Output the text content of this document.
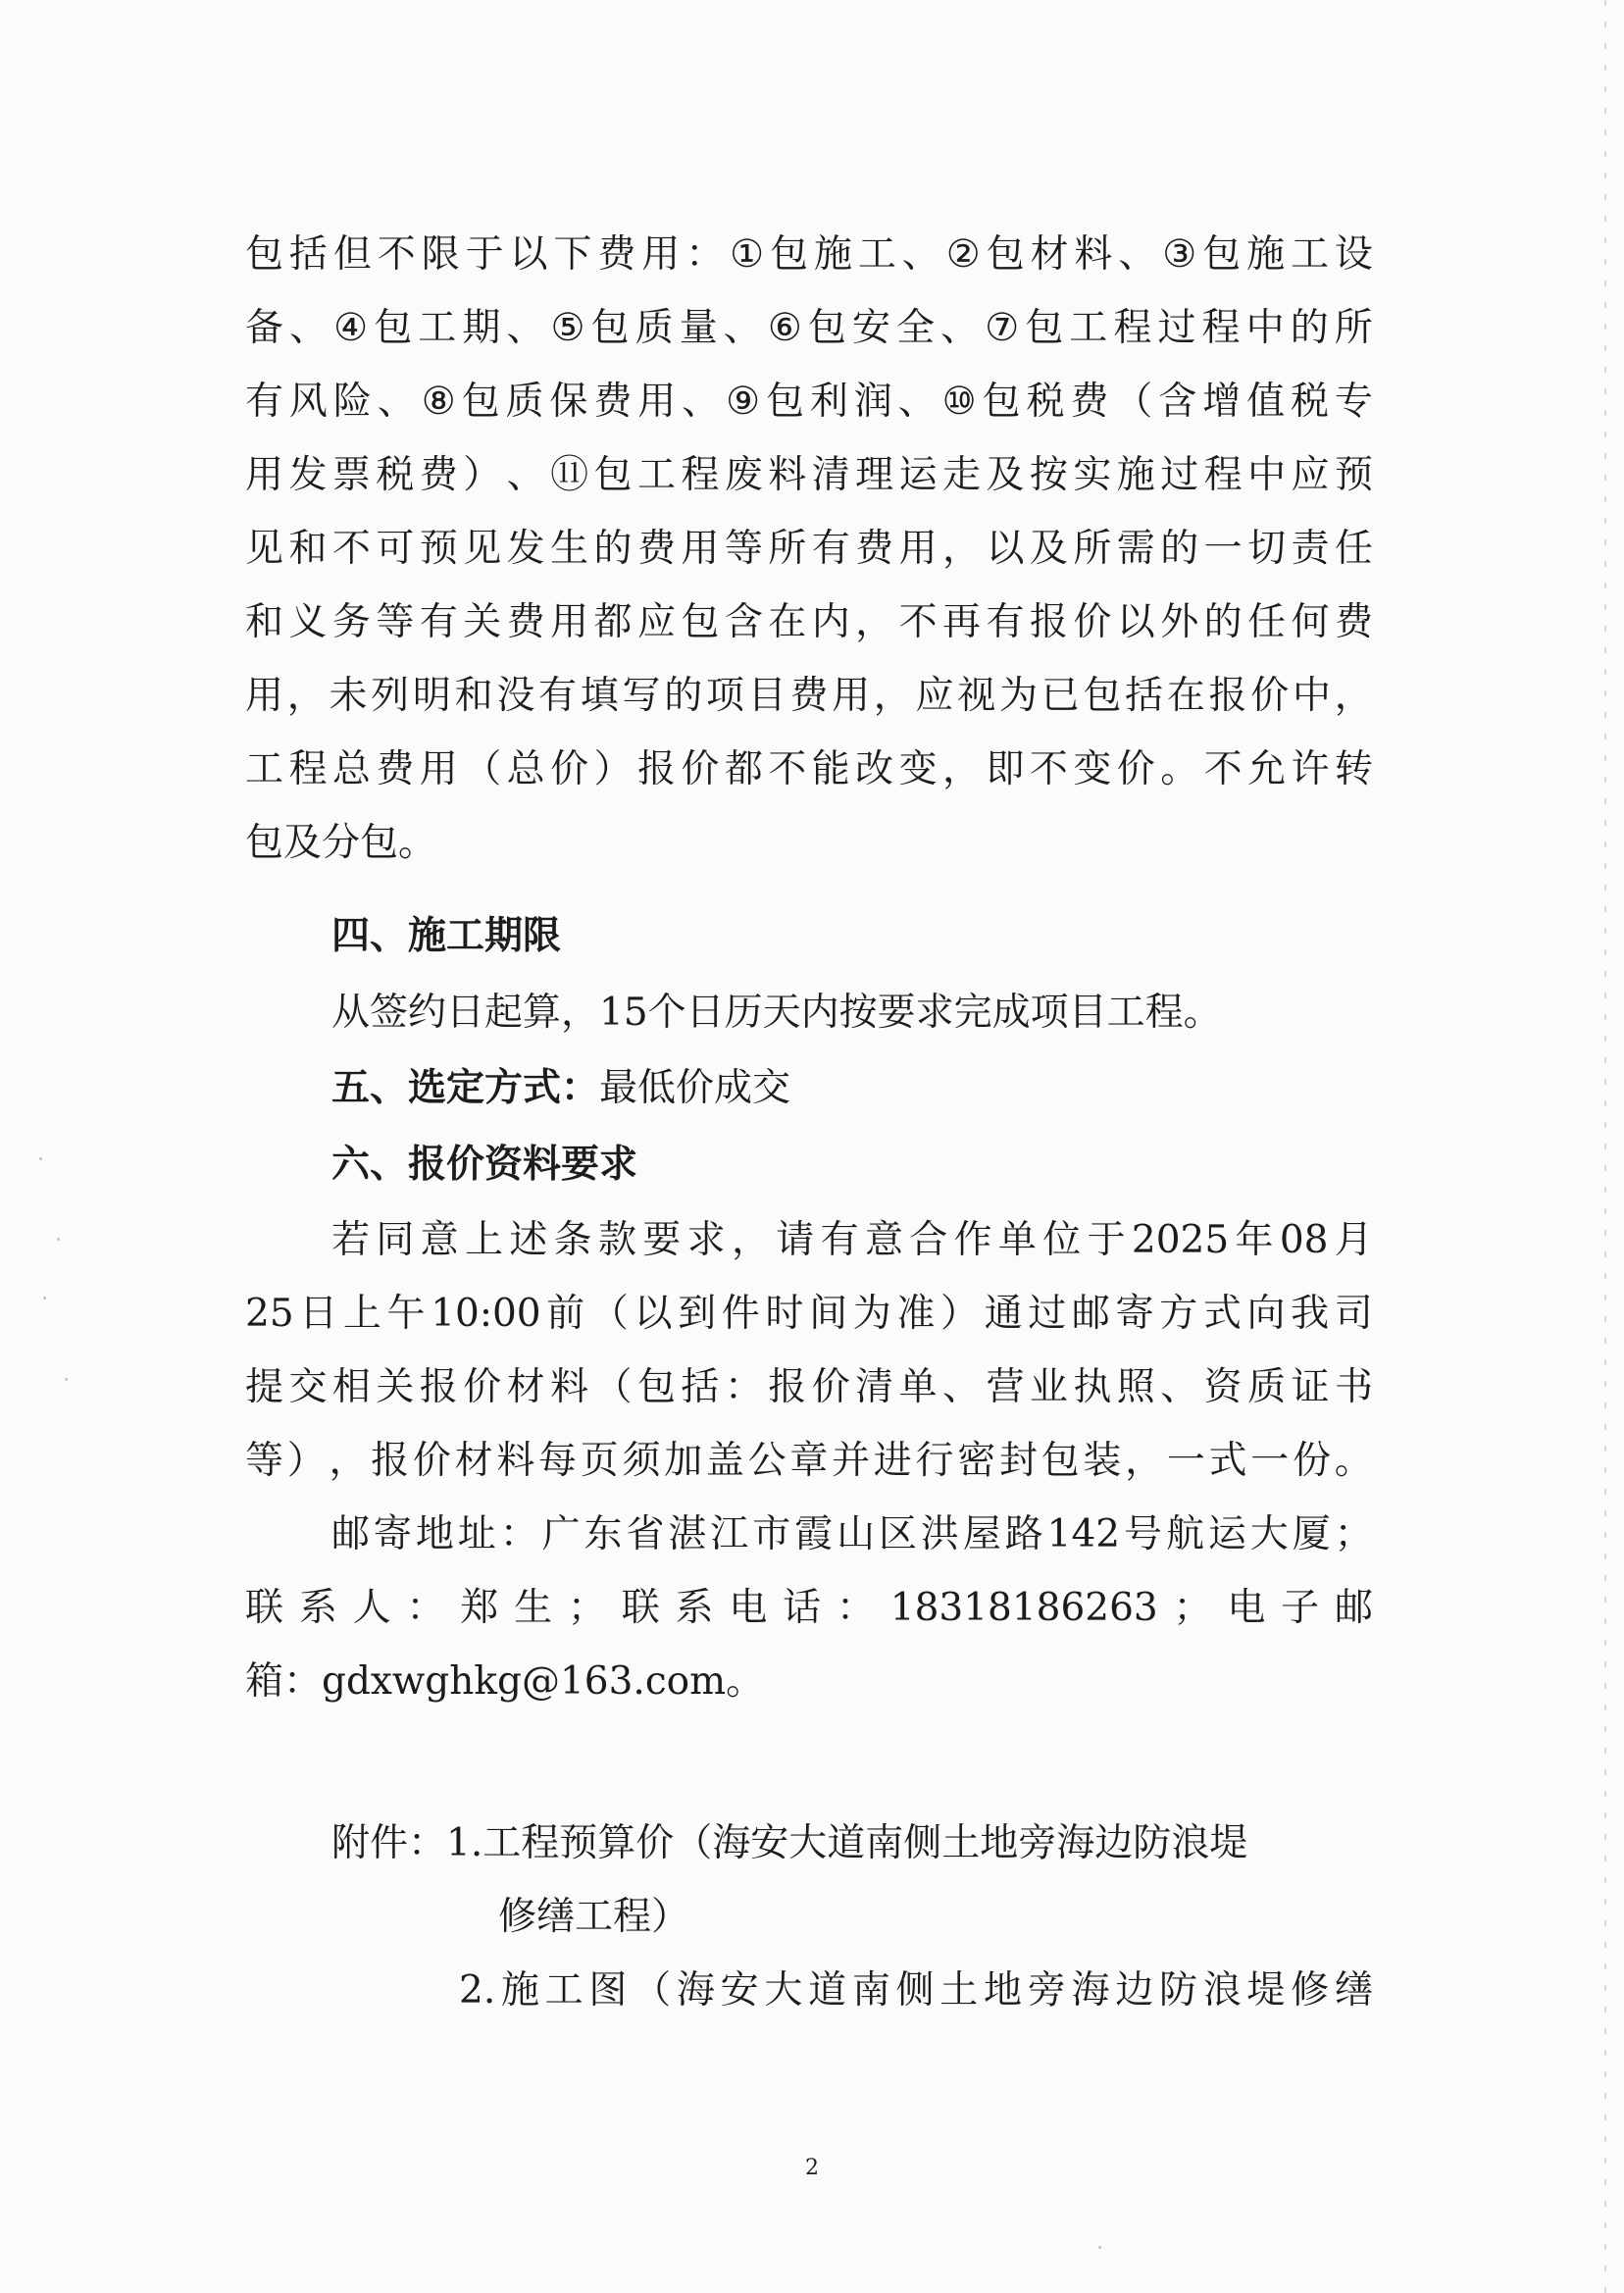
包 括 但 不 限 于 以 下 费 用 ： ① 包 施 工 、 ② 包 材 料 、 ③ 包 施 工 设
备 、 ④ 包 工 期 、 ⑤ 包 质 量 、 ⑥ 包 安 全 、 ⑦ 包 工 程 过 程 中 的 所
有 风 险 、 ⑧ 包 质 保 费 用 、 ⑨ 包 利 润 、 ⑩ 包 税 费 （ 含 增 值 税 专
用 发 票 税 费 ） 、 ⑪ 包 工 程 废 料 清 理 运 走 及 按 实 施 过 程 中 应 预
见 和 不 可 预 见 发 生 的 费 用 等 所 有 费 用 ， 以 及 所 需 的 一 切 责 任
和 义 务 等 有 关 费 用 都 应 包 含 在 内 ， 不 再 有 报 价 以 外 的 任 何 费
用 ， 未 列 明 和 没 有 填 写 的 项 目 费 用 ， 应 视 为 已 包 括 在 报 价 中 ，
工 程 总 费 用 （ 总 价 ） 报 价 都 不 能 改 变 ， 即 不 变 价 。 不 允 许 转
包及分包。
四、施工期限
从签约日起算，15个日历天内按要求完成项目工程。
五、选定方式： 最低价成交
六、报价资料要求
若 同 意 上 述 条 款 要 求 ， 请 有 意 合 作 单 位 于 2025 年 08 月
25 日 上 午 10:00 前 （ 以 到 件 时 间 为 准 ） 通 过 邮 寄 方 式 向 我 司
提 交 相 关 报 价 材 料 （ 包 括 ： 报 价 清 单 、 营 业 执 照 、 资 质 证 书
等 ） ， 报 价 材 料 每 页 须 加 盖 公 章 并 进 行 密 封 包 装 ， 一 式 一 份 。
邮 寄 地 址 ： 广 东 省 湛 江 市 霞 山 区 洪 屋 路 142 号 航 运 大 厦 ；
联 系 人 ： 郑 生 ； 联 系 电 话 ： 18318186263 ； 电 子 邮
箱：gdxwghkg@163.com。
附件： 1.工程预算价（海安大道南侧土地旁海边防浪堤
修缮工程）
2. 施 工 图 （ 海 安 大 道 南 侧 土 地 旁 海 边 防 浪 堤 修 缮
2
